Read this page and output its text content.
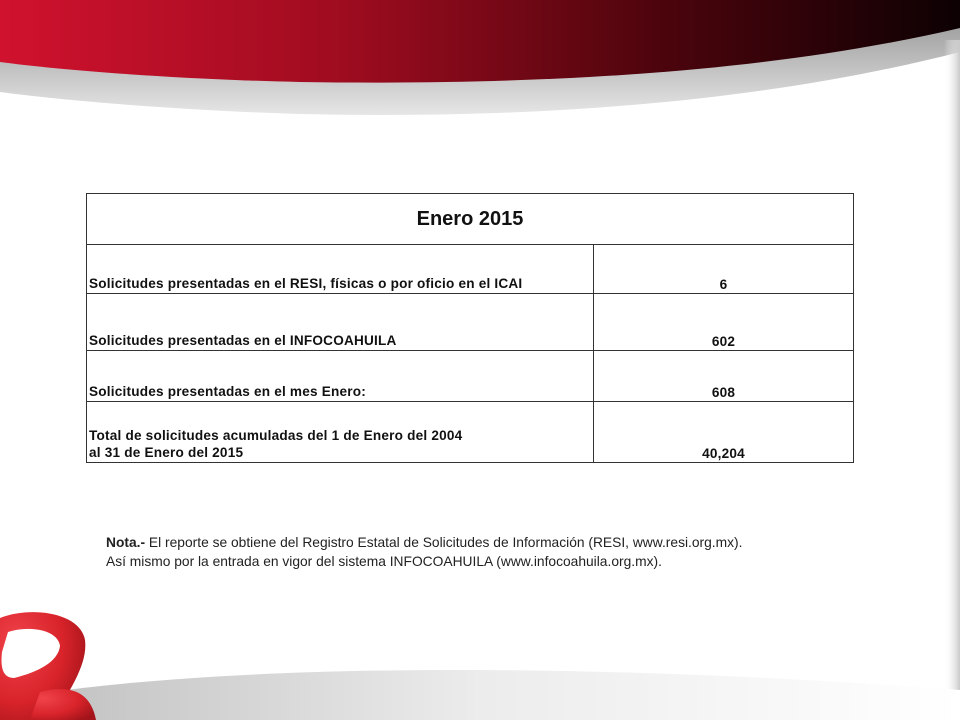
Enero 2015	
Solicitudes presentadas en el RESI, físicas o por oficio en el ICAI	6
Solicitudes presentadas en el INFOCOAHUILA	602
Solicitudes presentadas en el mes Enero:	608

Total de solicitudes acumuladas del 1 de Enero del 2004
al 31 de Enero del 2015	40,204
Nota.- El reporte se obtiene del Registro Estatal de Solicitudes de Información (RESI, www.resi.org.mx).
Así mismo por la entrada en vigor del sistema INFOCOAHUILA (www.infocoahuila.org.mx).
